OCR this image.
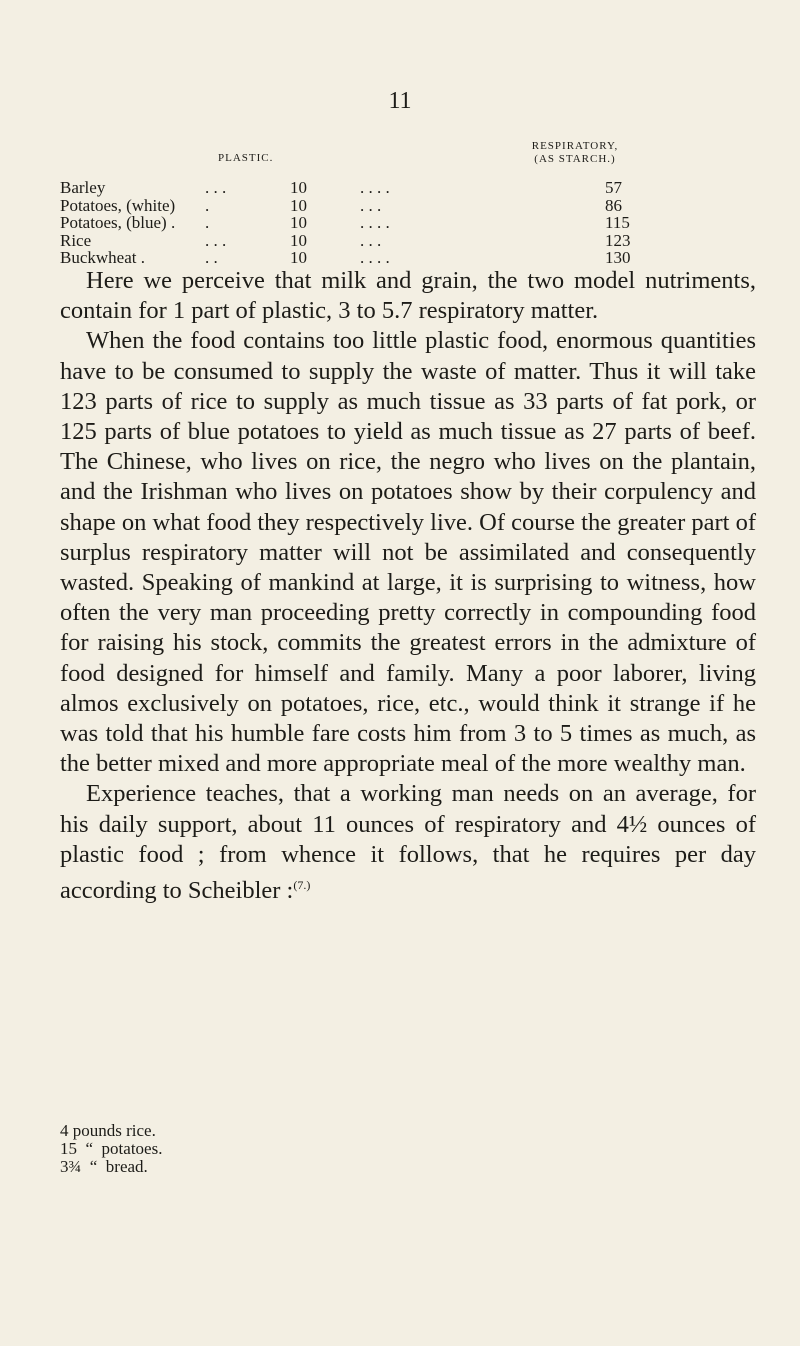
11
PLASTIC.
RESPIRATORY,
(AS STARCH.)
Barley	. . .	10	. . . .	57
Potatoes, (white) .	10	. . .	86
Potatoes, (blue) . .	10	. . . .	115
Rice	. . .	10	. . .	123
Buckwheat .	. .	10	. . . .	130

Here we perceive that milk and grain, the two model nutriments, contain for 1 part of plastic, 3 to 5.7 respiratory matter.

When the food contains too little plastic food, enormous quantities have to be consumed to supply the waste of matter. Thus it will take 123 parts of rice to supply as much tissue as 33 parts of fat pork, or 125 parts of blue potatoes to yield as much tissue as 27 parts of beef. The Chinese, who lives on rice, the negro who lives on the plantain, and the Irishman who lives on potatoes show by their corpulency and shape on what food they respectively live. Of course the greater part of surplus respiratory matter will not be assimilated and consequently wasted. Speaking of mankind at large, it is surprising to witness, how often the very man proceeding pretty correctly in compounding food for raising his stock, commits the greatest errors in the admixture of food designed for himself and family. Many a poor laborer, living almos exclusively on potatoes, rice, etc., would think it strange if he was told that his humble fare costs him from 3 to 5 times as much, as the better mixed and more appropriate meal of the more wealthy man.

Experience teaches, that a working man needs on an average, for his daily support, about 11 ounces of respiratory and 4½ ounces of plastic food ; from whence it follows, that he requires per day according to Scheibler :$^{(7.)}$

4 pounds rice.
15  “  potatoes.
3¾  “  bread.
